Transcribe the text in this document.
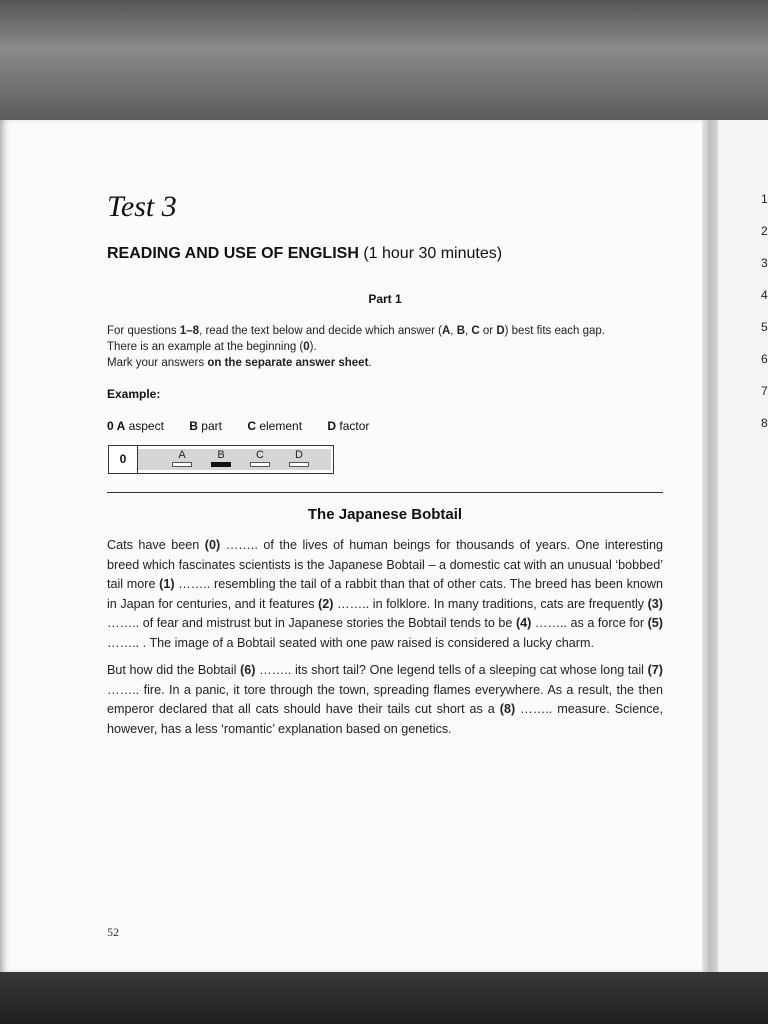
1
2
3
4
5
6
7
8
Test 3
READING AND USE OF ENGLISH (1 hour 30 minutes)
Part 1
For questions 1–8, read the text below and decide which answer (A, B, C or D) best fits each gap.
There is an example at the beginning (0).
Mark your answers on the separate answer sheet.
Example:
0 A aspect B part C element D factor
0	A	B	C	D
The Japanese Bobtail

Cats have been (0) …….. of the lives of human beings for thousands of years. One interesting breed which fascinates scientists is the Japanese Bobtail – a domestic cat with an unusual ‘bobbed’ tail more (1) …….. resembling the tail of a rabbit than that of other cats. The breed has been known in Japan for centuries, and it features (2) …….. in folklore. In many traditions, cats are frequently (3) …….. of fear and mistrust but in Japanese stories the Bobtail tends to be (4) …….. as a force for (5) …….. . The image of a Bobtail seated with one paw raised is considered a lucky charm.

But how did the Bobtail (6) …….. its short tail? One legend tells of a sleeping cat whose long tail (7) …….. fire. In a panic, it tore through the town, spreading flames everywhere. As a result, the then emperor declared that all cats should have their tails cut short as a (8) …….. measure. Science, however, has a less ‘romantic’ explanation based on genetics.

52
